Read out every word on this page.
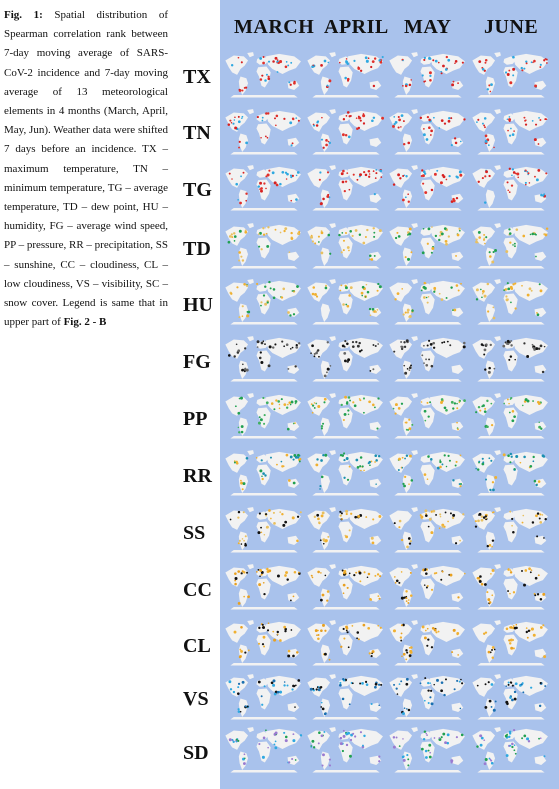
Fig. 1: Spatial distribution of Spearman correlation rank between 7-day moving average of SARS-CoV-2 incidence and 7-day moving average of 13 meteorological elements in 4 months (March, April, May, Jun). Weather data were shifted 7 days before an incidence. TX – maximum temperature, TN – minimum temperature, TG – average temperature, TD – dew point, HU – humidity, FG – average wind speed, PP – pressure, RR – precipitation, SS – sunshine, CC – cloudiness, CL – low cloudiness, VS – visibility, SC – snow cover. Legend is same that in upper part of Fig. 2 - B
MARCH APRIL MAY JUNE
TX
TN
TG
TD
HU
FG
PP
RR
SS
CC
CL
VS
SD
